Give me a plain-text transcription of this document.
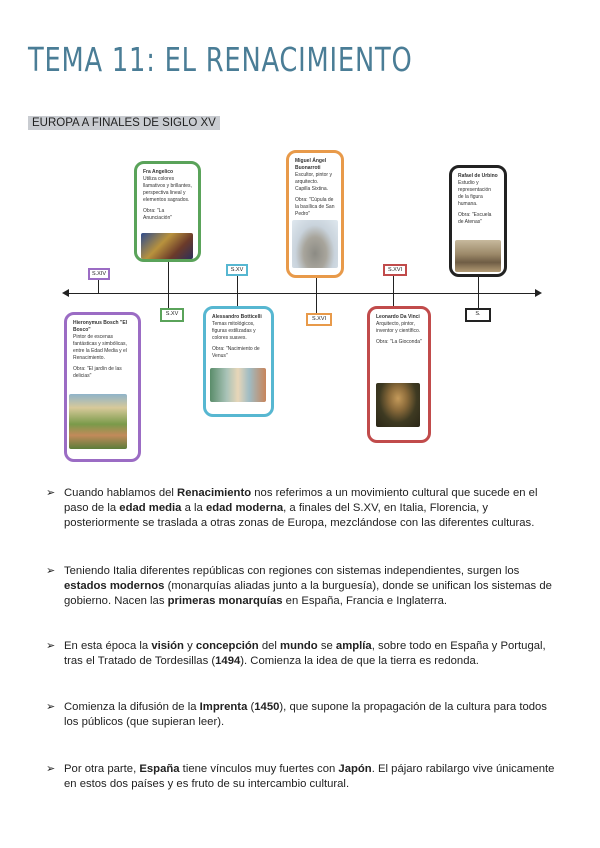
TEMA 11: EL RENACIMIENTO
EUROPA A FINALES DE SIGLO XV
S.XIV
S.XV
S.XV
S.XVI
S.XVI
S.
Fra Angelico
Utiliza colores llamativos y brillantes, perspectiva lineal y elementos sagrados.
Obra: "La Anunciación"
Miguel Ángel Buonarroti
Escultor, pintor y arquitecto. Capilla Sixtina.
Obra: "Cúpula de la basílica de San Pedro"
Rafael de Urbino
Estudio y representación de la figura humana.
Obra: "Escuela de Atenas"
Hieronymus Bosch "El Bosco"
Pintor de escenas fantásticas y simbólicas, entre la Edad Media y el Renacimiento.
Obra: "El jardín de las delicias"
Alessandro Botticelli
Temas mitológicos, figuras estilizadas y colores suaves.
Obra: "Nacimiento de Venus"
Leonardo Da Vinci
Arquitecto, pintor, inventor y científico.
Obra: "La Gioconda"
➢ Cuando hablamos del Renacimiento nos referimos a un movimiento cultural que sucede en el paso de la edad media a la edad moderna, a finales del S.XV, en Italia, Florencia, y posteriormente se traslada a otras zonas de Europa, mezclándose con las diferentes culturas.
➢ Teniendo Italia diferentes repúblicas con regiones con sistemas independientes, surgen los estados modernos (monarquías aliadas junto a la burguesía), donde se unifican los sistemas de gobierno. Nacen las primeras monarquías en España, Francia e Inglaterra.
➢ En esta época la visión y concepción del mundo se amplía, sobre todo en España y Portugal, tras el Tratado de Tordesillas (1494). Comienza la idea de que la tierra es redonda.
➢ Comienza la difusión de la Imprenta (1450), que supone la propagación de la cultura para todos los públicos (que supieran leer).
➢ Por otra parte, España tiene vínculos muy fuertes con Japón. El pájaro rabilargo vive únicamente en estos dos países y es fruto de su intercambio cultural.
